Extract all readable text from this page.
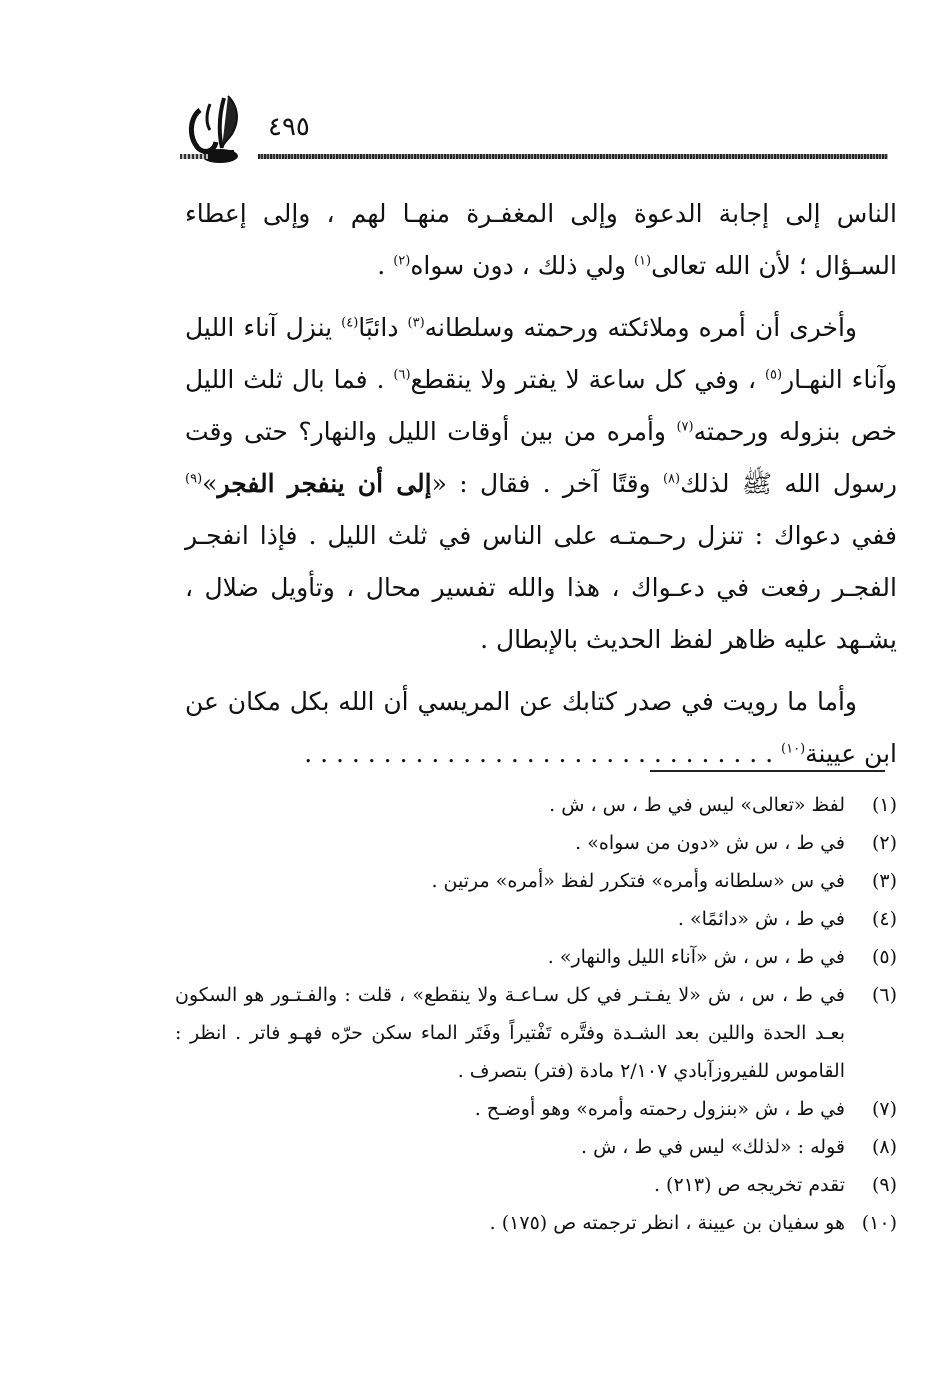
٤٩٥

الناس إلى إجابة الدعوة وإلى المغفـرة منهـا لهم ، وإلى إعطاء السـؤال ؛ لأن الله تعالى$^{(١)}$ ولي ذلك ، دون سواه$^{(٢)}$ .

وأخرى أن أمره وملائكته ورحمته وسلطانه$^{(٣)}$ دائبًا$^{(٤)}$ ينزل آناء الليل وآناء النهـار$^{(٥)}$ ، وفي كل ساعة لا يفتر ولا ينقطع$^{(٦)}$ . فما بال ثلث الليل خص بنزوله ورحمته$^{(٧)}$ وأمره من بين أوقات الليل والنهار؟ حتى وقت رسول الله ﷺ لذلك$^{(٨)}$ وقتًا آخر . فقال : «إلى أن ينفجر الفجر»$^{(٩)}$ ففي دعواك : تنزل رحـمتـه على الناس في ثلث الليل . فإذا انفجـر الفجـر رفعت في دعـواك ، هذا والله تفسير محال ، وتأويل ضلال ، يشـهد عليه ظاهر لفظ الحديث بالإبطال .

وأما ما رويت في صدر كتابك عن المريسي أن الله بكل مكان عن ابن عيينة$^{(١٠)}$ . . . . . . . . . . . . . . . . . . . . . . . . . . . . . .

(١)
لفظ «تعالى» ليس في ط ، س ، ش .
(٢)
في ط ، س ش «دون من سواه» .
(٣)
في س «سلطانه وأمره» فتكرر لفظ «أمره» مرتين .
(٤)
في ط ، ش «دائمًا» .
(٥)
في ط ، س ، ش «آناء الليل والنهار» .
(٦)
في ط ، س ، ش «لا يفـتـر في كل سـاعـة ولا ينقطع» ، قلت : والفـتـور هو السكون بعـد الحدة واللين بعد الشـدة وفتَّره تَفْتيراً وفَتَر الماء سكن حرّه فهـو فاتر . انظر : القاموس للفيروزآبادي ٢/١٠٧ مادة (فتر) بتصرف .
(٧)
في ط ، ش «بنزول رحمته وأمره» وهو أوضـح .
(٨)
قوله : «لذلك» ليس في ط ، ش .
(٩)
تقدم تخريجه ص (٢١٣) .
(١٠)
هو سفيان بن عيينة ، انظر ترجمته ص (١٧٥) .
